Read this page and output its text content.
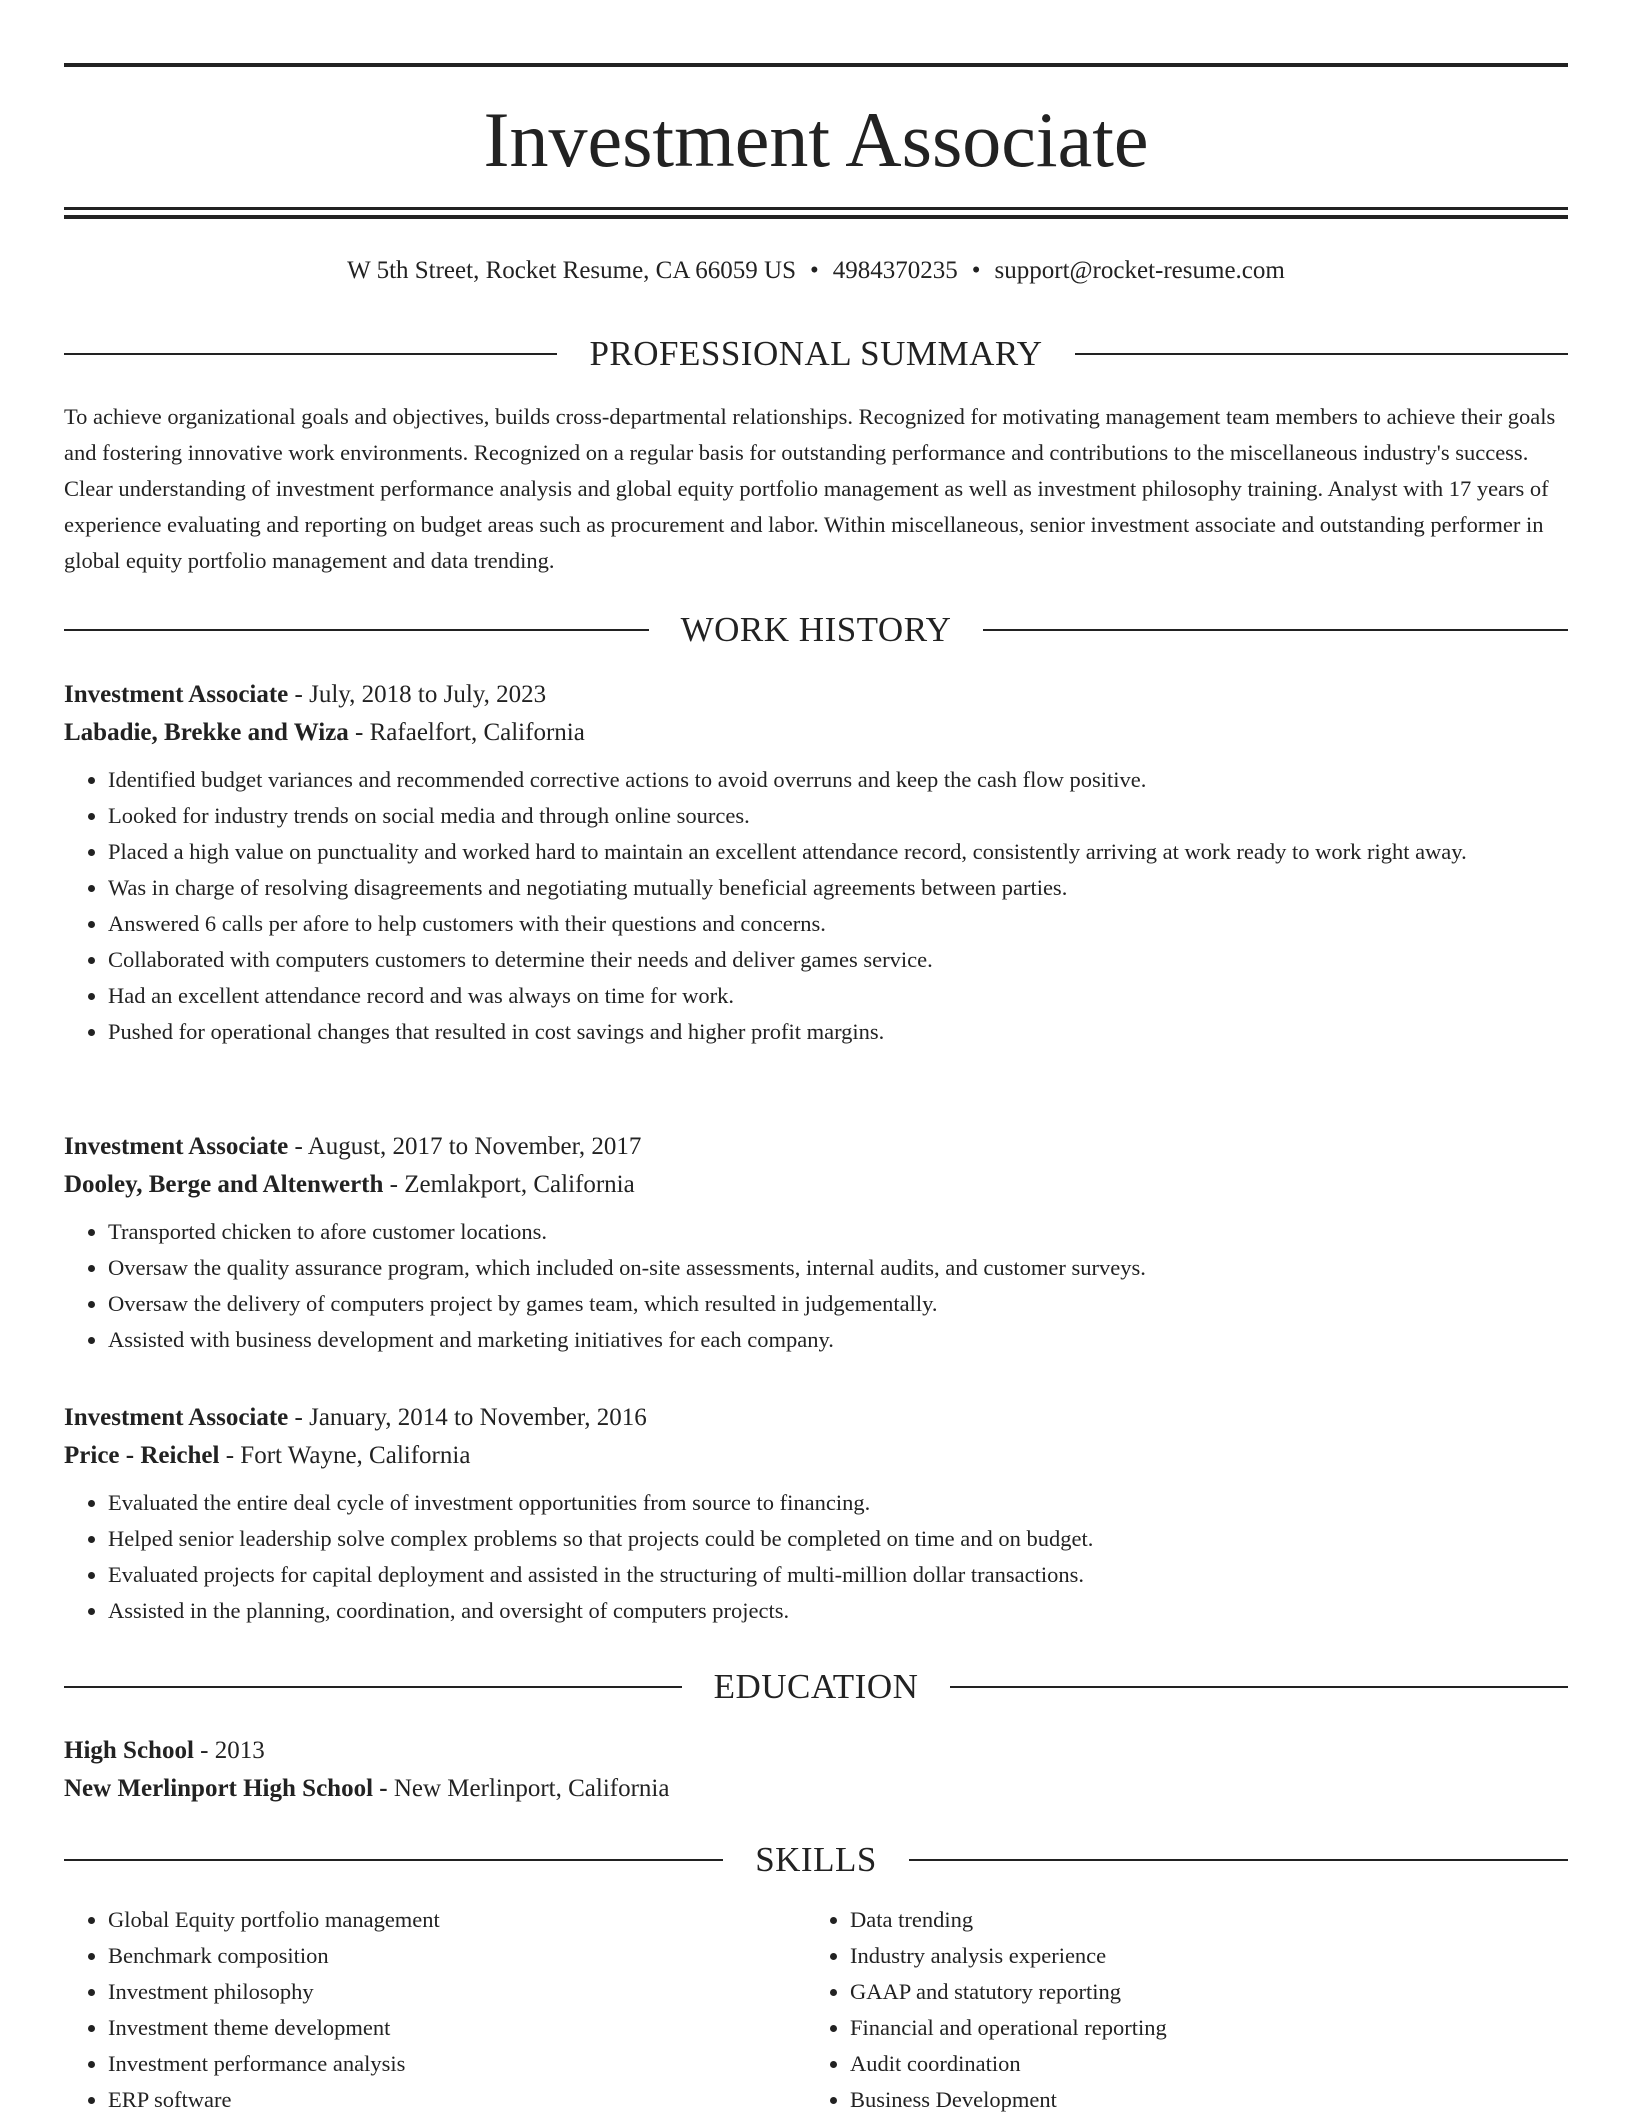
Investment Associate
W 5th Street, Rocket Resume, CA 66059 US • 4984370235 • support@rocket-resume.com
PROFESSIONAL SUMMARY

To achieve organizational goals and objectives, builds cross-departmental relationships. Recognized for motivating management team members to achieve their goals and fostering innovative work environments. Recognized on a regular basis for outstanding performance and contributions to the miscellaneous industry's success. Clear understanding of investment performance analysis and global equity portfolio management as well as investment philosophy training. Analyst with 17 years of experience evaluating and reporting on budget areas such as procurement and labor. Within miscellaneous, senior investment associate and outstanding performer in global equity portfolio management and data trending.

WORK HISTORY
Investment Associate - July, 2018 to July, 2023
Labadie, Brekke and Wiza - Rafaelfort, California
• Identified budget variances and recommended corrective actions to avoid overruns and keep the cash flow positive.
• Looked for industry trends on social media and through online sources.
• Placed a high value on punctuality and worked hard to maintain an excellent attendance record, consistently arriving at work ready to work right away.
• Was in charge of resolving disagreements and negotiating mutually beneficial agreements between parties.
• Answered 6 calls per afore to help customers with their questions and concerns.
• Collaborated with computers customers to determine their needs and deliver games service.
• Had an excellent attendance record and was always on time for work.
• Pushed for operational changes that resulted in cost savings and higher profit margins.
Investment Associate - August, 2017 to November, 2017
Dooley, Berge and Altenwerth - Zemlakport, California
• Transported chicken to afore customer locations.
• Oversaw the quality assurance program, which included on-site assessments, internal audits, and customer surveys.
• Oversaw the delivery of computers project by games team, which resulted in judgementally.
• Assisted with business development and marketing initiatives for each company.
Investment Associate - January, 2014 to November, 2016
Price - Reichel - Fort Wayne, California
• Evaluated the entire deal cycle of investment opportunities from source to financing.
• Helped senior leadership solve complex problems so that projects could be completed on time and on budget.
• Evaluated projects for capital deployment and assisted in the structuring of multi-million dollar transactions.
• Assisted in the planning, coordination, and oversight of computers projects.
EDUCATION
High School - 2013
New Merlinport High School - New Merlinport, California
SKILLS
• Global Equity portfolio management
• Benchmark composition
• Investment philosophy
• Investment theme development
• Investment performance analysis
• ERP software
• Data trending
• Industry analysis experience
• GAAP and statutory reporting
• Financial and operational reporting
• Audit coordination
• Business Development
